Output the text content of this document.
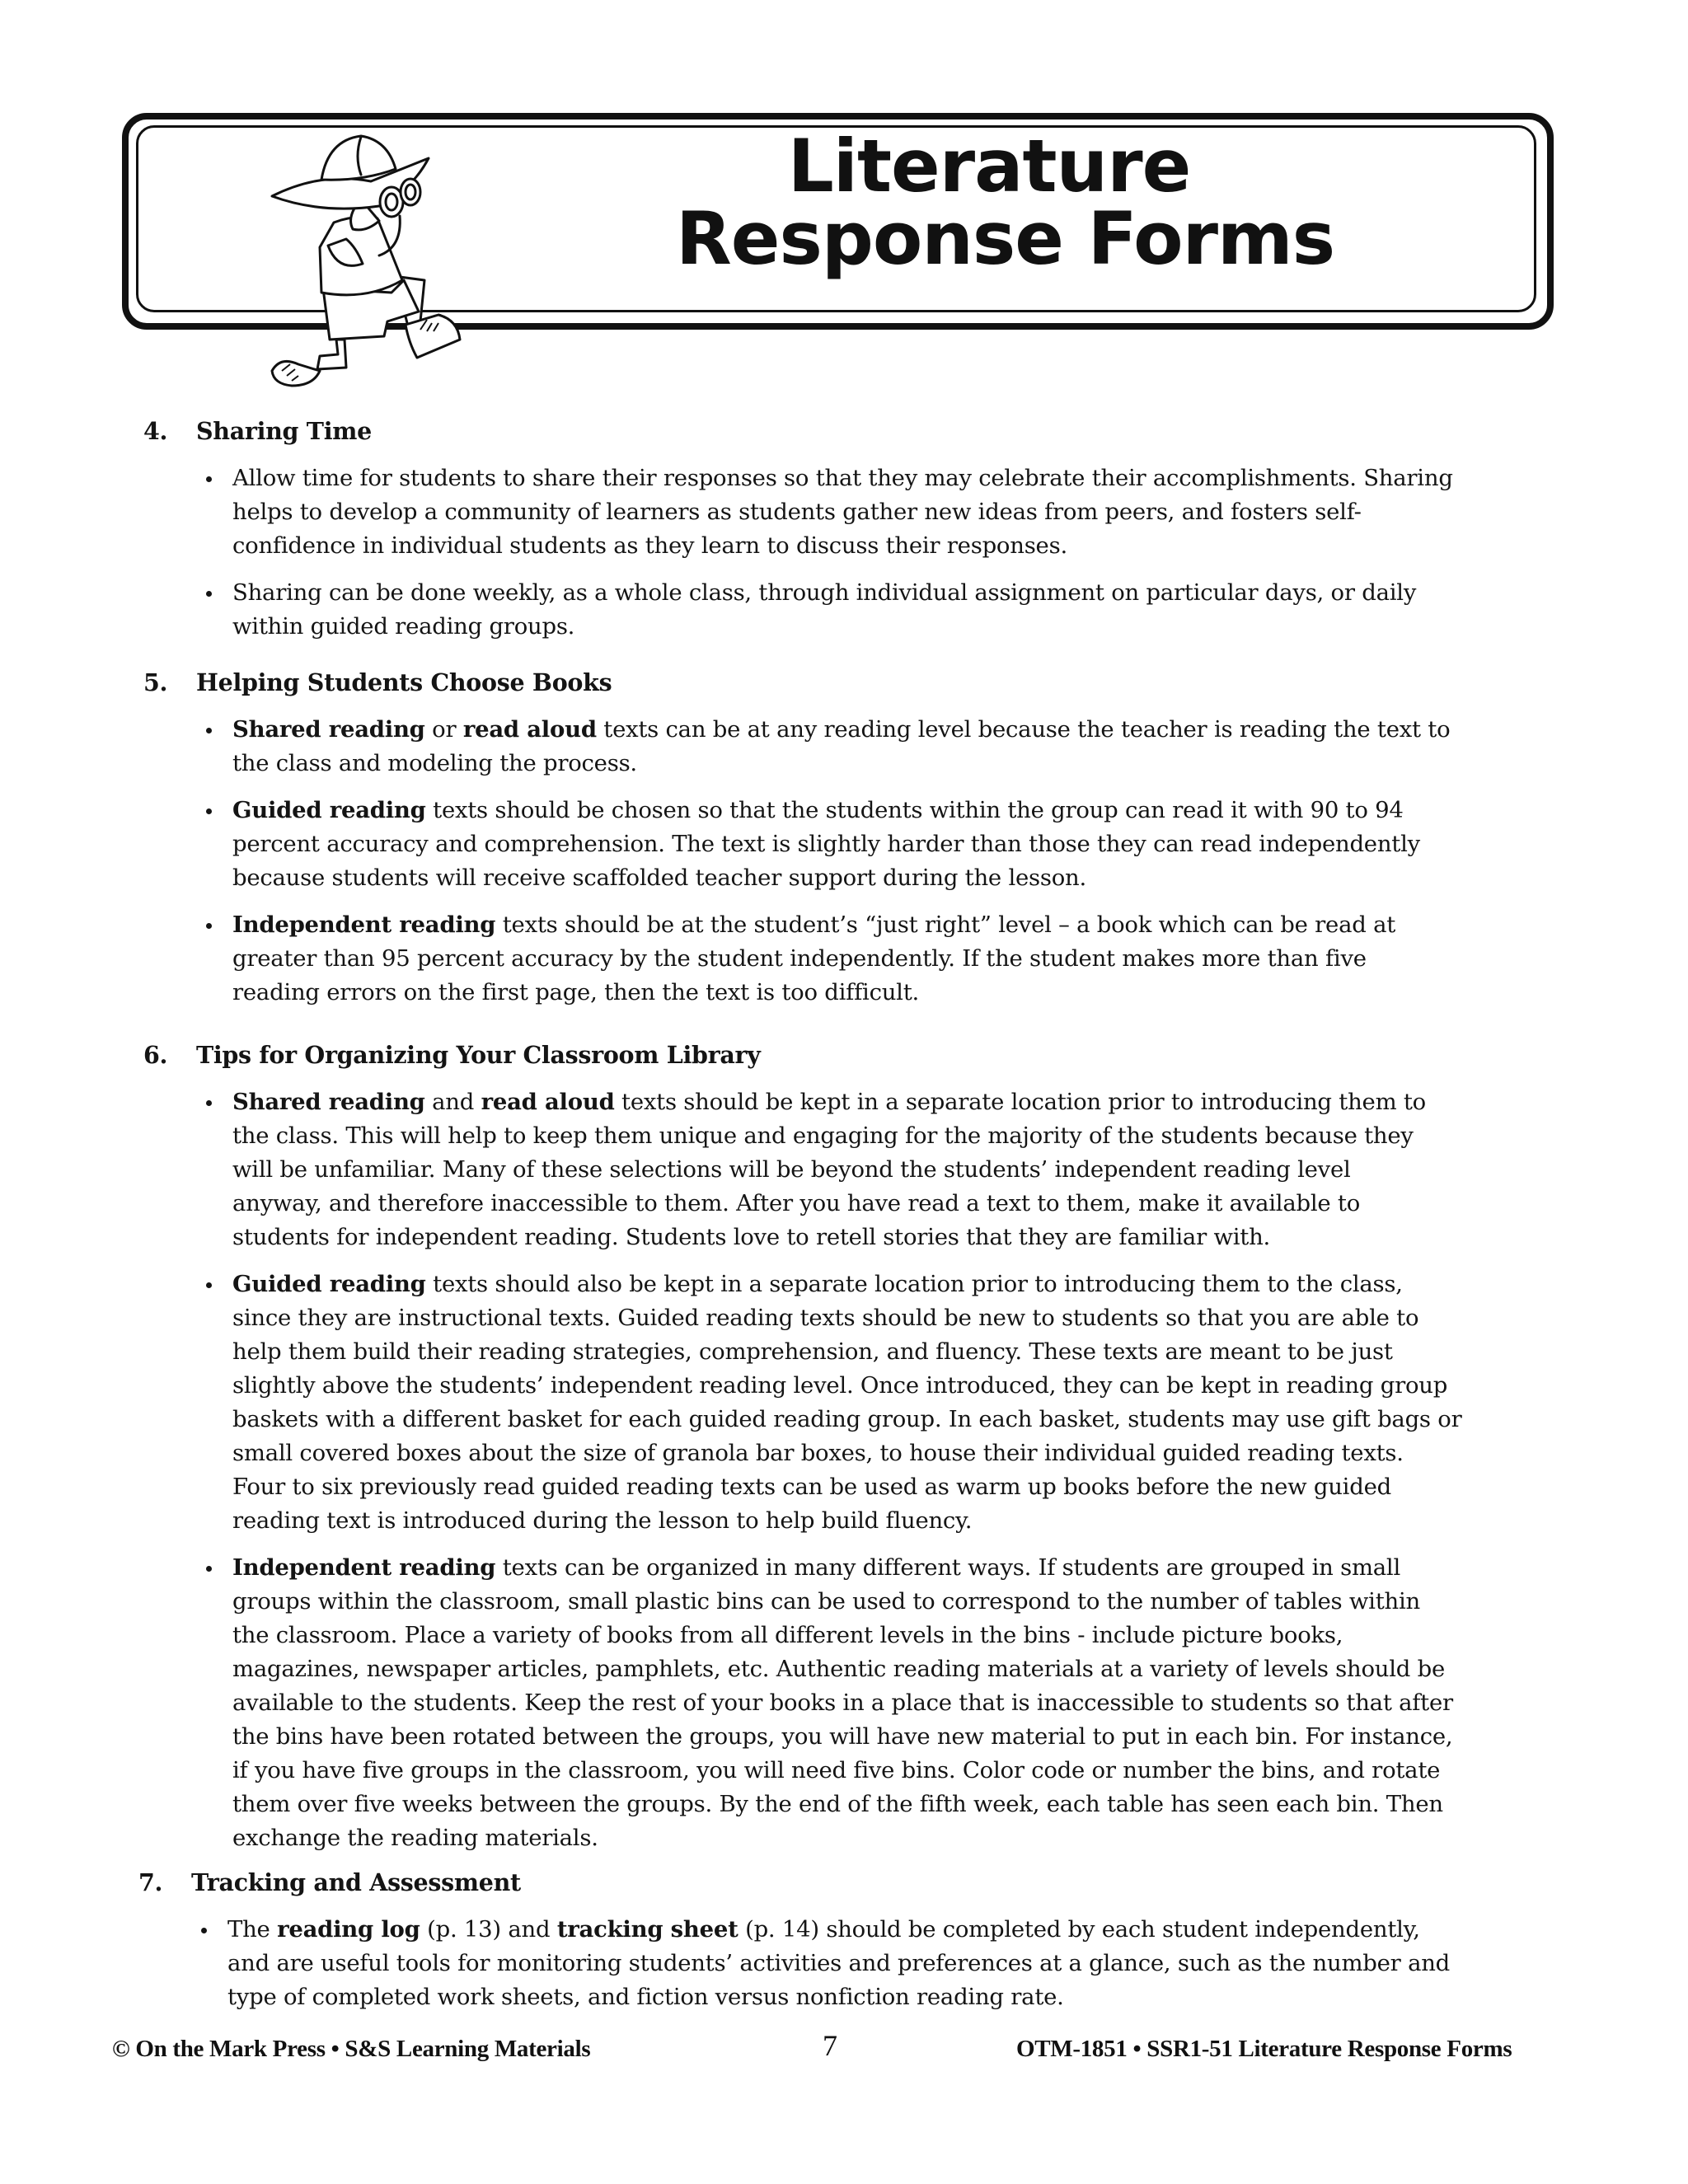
Literature
Response Forms
4. Sharing Time
Allow time for students to share their responses so that they may celebrate their accomplishments. Sharing
helps to develop a community of learners as students gather new ideas from peers, and fosters self-
confidence in individual students as they learn to discuss their responses.
Sharing can be done weekly, as a whole class, through individual assignment on particular days, or daily
within guided reading groups.
5. Helping Students Choose Books
Shared reading or read aloud texts can be at any reading level because the teacher is reading the text to
the class and modeling the process.
Guided reading texts should be chosen so that the students within the group can read it with 90 to 94
percent accuracy and comprehension. The text is slightly harder than those they can read independently
because students will receive scaffolded teacher support during the lesson.
Independent reading texts should be at the student’s “just right” level – a book which can be read at
greater than 95 percent accuracy by the student independently. If the student makes more than five
reading errors on the first page, then the text is too difficult.
6. Tips for Organizing Your Classroom Library
Shared reading and read aloud texts should be kept in a separate location prior to introducing them to
the class. This will help to keep them unique and engaging for the majority of the students because they
will be unfamiliar. Many of these selections will be beyond the students’ independent reading level
anyway, and therefore inaccessible to them. After you have read a text to them, make it available to
students for independent reading. Students love to retell stories that they are familiar with.
Guided reading texts should also be kept in a separate location prior to introducing them to the class,
since they are instructional texts. Guided reading texts should be new to students so that you are able to
help them build their reading strategies, comprehension, and fluency. These texts are meant to be just
slightly above the students’ independent reading level. Once introduced, they can be kept in reading group
baskets with a different basket for each guided reading group. In each basket, students may use gift bags or
small covered boxes about the size of granola bar boxes, to house their individual guided reading texts.
Four to six previously read guided reading texts can be used as warm up books before the new guided
reading text is introduced during the lesson to help build fluency.
Independent reading texts can be organized in many different ways. If students are grouped in small
groups within the classroom, small plastic bins can be used to correspond to the number of tables within
the classroom. Place a variety of books from all different levels in the bins - include picture books,
magazines, newspaper articles, pamphlets, etc. Authentic reading materials at a variety of levels should be
available to the students. Keep the rest of your books in a place that is inaccessible to students so that after
the bins have been rotated between the groups, you will have new material to put in each bin. For instance,
if you have five groups in the classroom, you will need five bins. Color code or number the bins, and rotate
them over five weeks between the groups. By the end of the fifth week, each table has seen each bin. Then
exchange the reading materials.
7. Tracking and Assessment
The reading log (p. 13) and tracking sheet (p. 14) should be completed by each student independently,
and are useful tools for monitoring students’ activities and preferences at a glance, such as the number and
type of completed work sheets, and fiction versus nonfiction reading rate.
© On the Mark Press • S&S Learning Materials	7	OTM-1851 • SSR1-51 Literature Response Forms
